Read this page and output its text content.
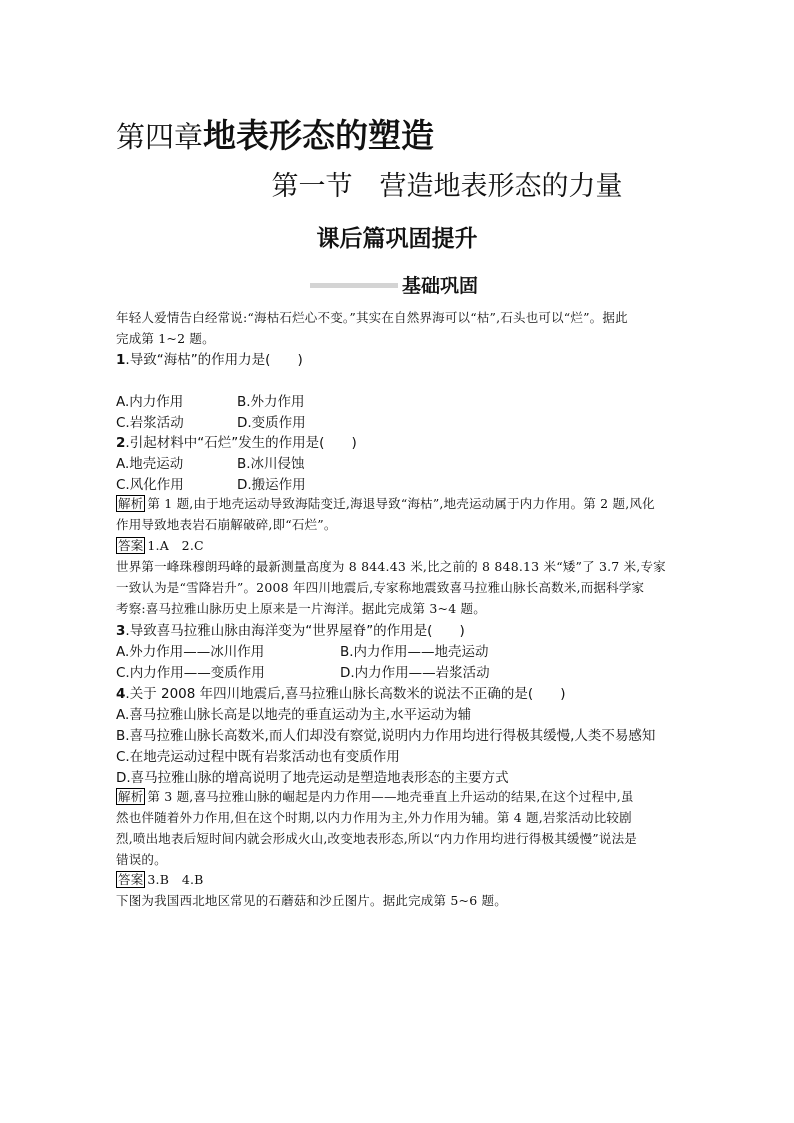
第四章地表形态的塑造
第一节　营造地表形态的力量
课后篇巩固提升
基础巩固
年轻人爱情告白经常说:“海枯石烂心不变。”其实在自然界海可以“枯”,石头也可以“烂”。据此
完成第 1~2 题。
1.导致“海枯”的作用力是(　　)
A.内力作用	B.外力作用
C.岩浆活动	D.变质作用
2.引起材料中“石烂”发生的作用是(　　)
A.地壳运动	B.冰川侵蚀
C.风化作用	D.搬运作用
解析 第 1 题,由于地壳运动导致海陆变迁,海退导致“海枯”,地壳运动属于内力作用。第 2 题,风化
作用导致地表岩石崩解破碎,即“石烂”。
答案 1.A　2.C
世界第一峰珠穆朗玛峰的最新测量高度为 8 844.43 米,比之前的 8 848.13 米“矮”了 3.7 米,专家
一致认为是“雪降岩升”。2008 年四川地震后,专家称地震致喜马拉雅山脉长高数米,而据科学家
考察:喜马拉雅山脉历史上原来是一片海洋。据此完成第 3~4 题。
3.导致喜马拉雅山脉由海洋变为“世界屋脊”的作用是(　　)
A.外力作用——冰川作用	B.内力作用——地壳运动
C.内力作用——变质作用	D.内力作用——岩浆活动
4.关于 2008 年四川地震后,喜马拉雅山脉长高数米的说法不正确的是(　　)
A.喜马拉雅山脉长高是以地壳的垂直运动为主,水平运动为辅
B.喜马拉雅山脉长高数米,而人们却没有察觉,说明内力作用均进行得极其缓慢,人类不易感知
C.在地壳运动过程中既有岩浆活动也有变质作用
D.喜马拉雅山脉的增高说明了地壳运动是塑造地表形态的主要方式
解析 第 3 题,喜马拉雅山脉的崛起是内力作用——地壳垂直上升运动的结果,在这个过程中,虽
然也伴随着外力作用,但在这个时期,以内力作用为主,外力作用为辅。第 4 题,岩浆活动比较剧
烈,喷出地表后短时间内就会形成火山,改变地表形态,所以“内力作用均进行得极其缓慢”说法是
错误的。
答案 3.B　4.B
下图为我国西北地区常见的石蘑菇和沙丘图片。据此完成第 5~6 题。
